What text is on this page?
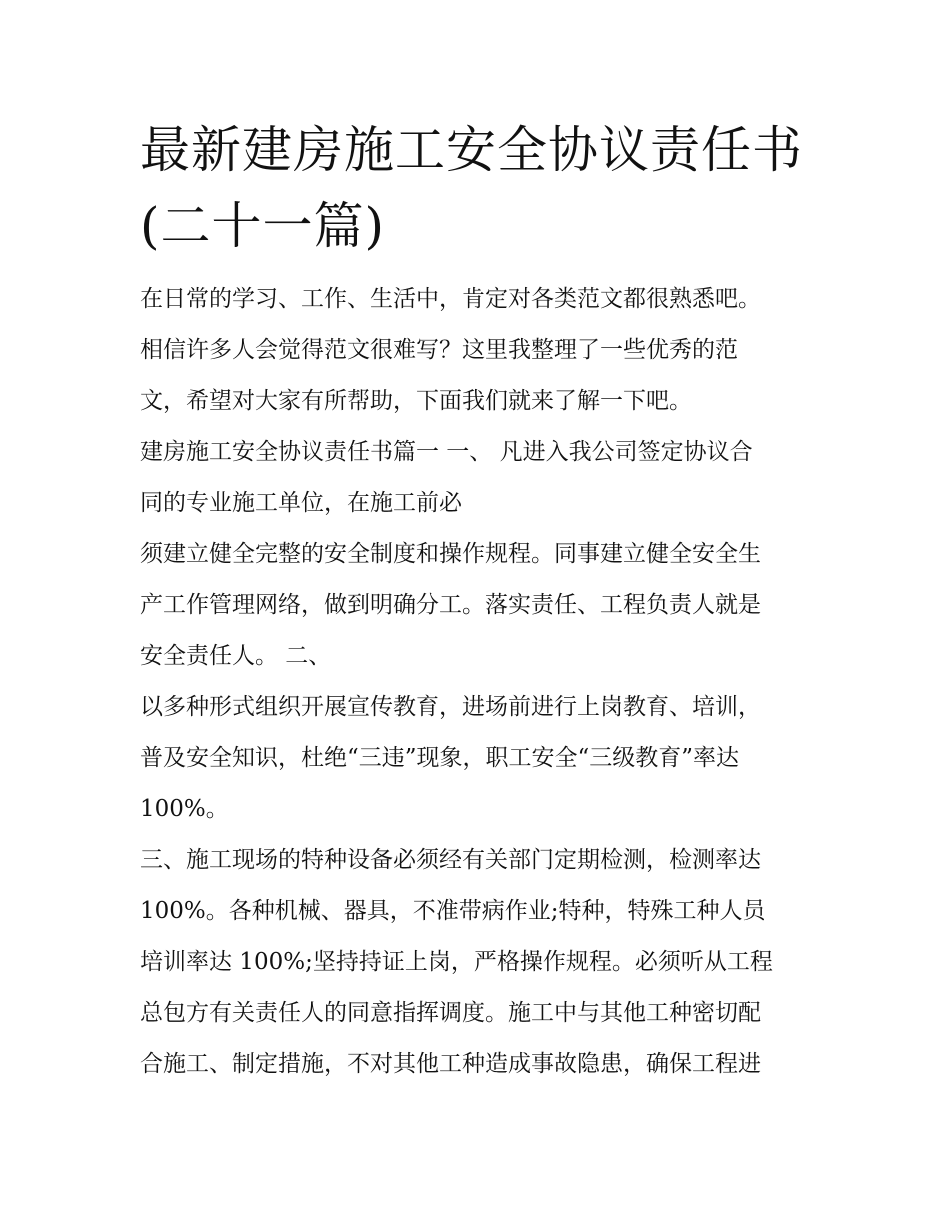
最新建房施工安全协议责任书
(二十一篇)

在日常的学习、工作、生活中，肯定对各类范文都很熟悉吧。
相信许多人会觉得范文很难写？这里我整理了一些优秀的范
文，希望对大家有所帮助，下面我们就来了解一下吧。

建房施工安全协议责任书篇一 一、 凡进入我公司签定协议合
同的专业施工单位，在施工前必

须建立健全完整的安全制度和操作规程。同事建立健全安全生
产工作管理网络，做到明确分工。落实责任、工程负责人就是
安全责任人。 二、

以多种形式组织开展宣传教育，进场前进行上岗教育、培训，
普及安全知识，杜绝“三违”现象，职工安全“三级教育”率达
100%。

三、施工现场的特种设备必须经有关部门定期检测，检测率达
100%。各种机械、器具，不准带病作业;特种，特殊工种人员
培训率达 100%;坚持持证上岗，严格操作规程。必须听从工程
总包方有关责任人的同意指挥调度。施工中与其他工种密切配
合施工、制定措施，不对其他工种造成事故隐患，确保工程进
